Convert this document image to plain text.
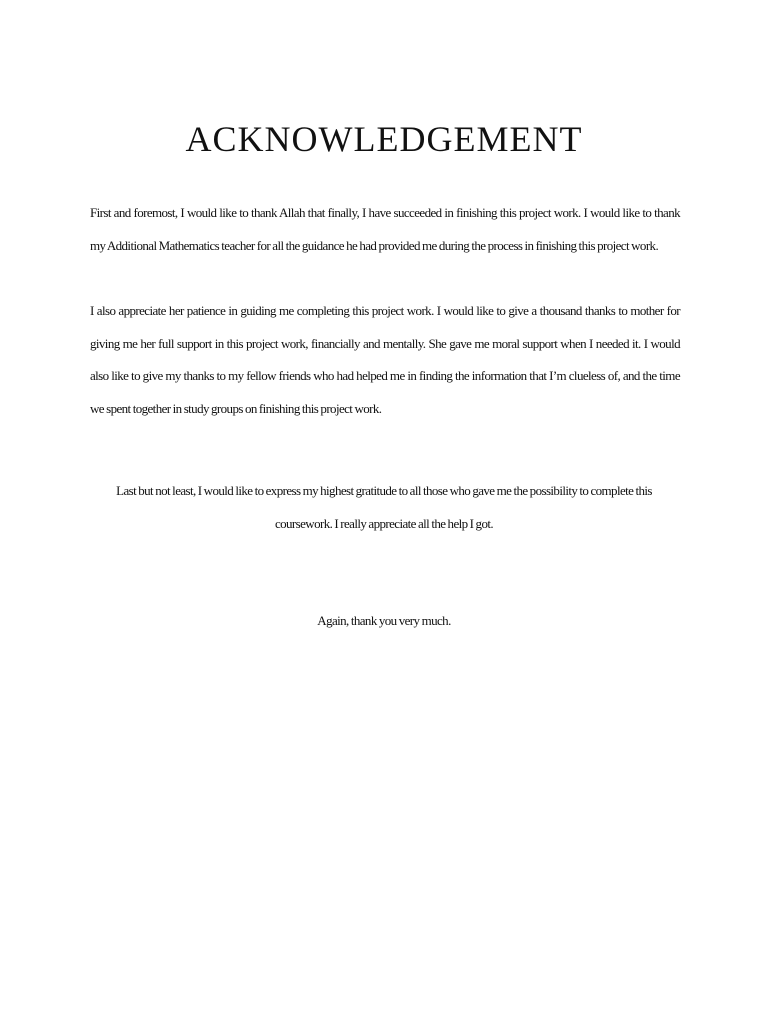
ACKNOWLEDGEMENT

First and foremost, I would like to thank Allah that finally, I have succeeded in finishing this project work. I would like to thank my Additional Mathematics teacher for all the guidance he had provided me during the process in finishing this project work.

I also appreciate her patience in guiding me completing this project work. I would like to give a thousand thanks to mother for giving me her full support in this project work, financially and mentally. She gave me moral support when I needed it. I would also like to give my thanks to my fellow friends who had helped me in finding the information that I’m clueless of, and the time we spent together in study groups on finishing this project work.

Last but not least, I would like to express my highest gratitude to all those who gave me the possibility to complete this coursework. I really appreciate all the help I got.

Again, thank you very much.
